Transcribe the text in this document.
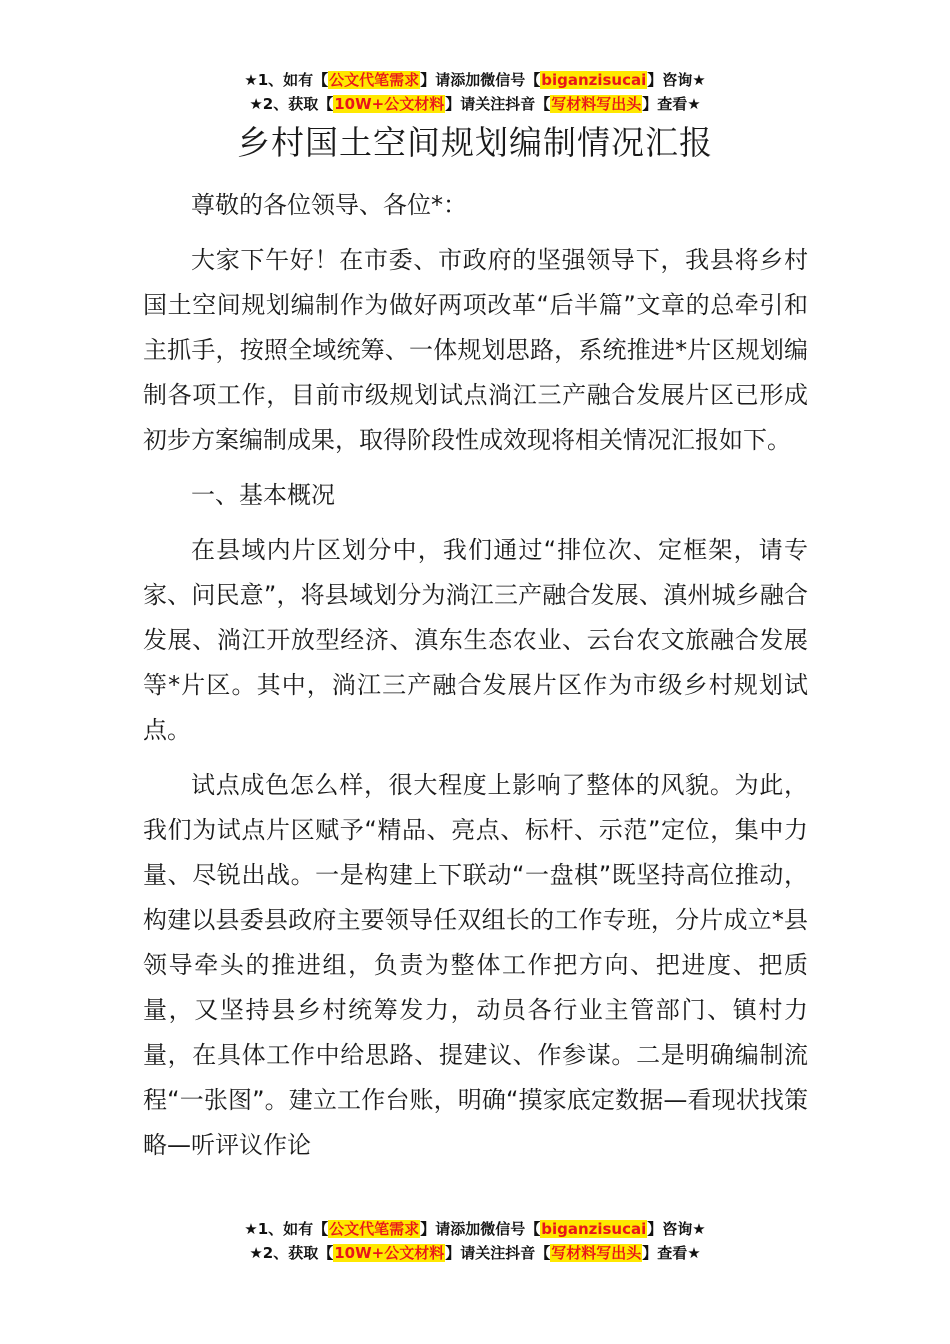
★1、如有【公文代笔需求】请添加微信号【biganzisucai】咨询★
★2、获取【10W+公文材料】请关注抖音【写材料写出头】查看★
乡村国土空间规划编制情况汇报

尊敬的各位领导、各位*：

大家下午好！在市委、市政府的坚强领导下，我县将乡村国土空间规划编制作为做好两项改革“后半篇”文章的总牵引和主抓手，按照全域统筹、一体规划思路，系统推进*片区规划编制各项工作，目前市级规划试点淌江三产融合发展片区已形成初步方案编制成果，取得阶段性成效现将相关情况汇报如下。

一、基本概况

在县域内片区划分中，我们通过“排位次、定框架，请专家、问民意”，将县域划分为淌江三产融合发展、滇州城乡融合发展、淌江开放型经济、滇东生态农业、云台农文旅融合发展等*片区。其中，淌江三产融合发展片区作为市级乡村规划试点。

试点成色怎么样，很大程度上影响了整体的风貌。为此，我们为试点片区赋予“精品、亮点、标杆、示范”定位，集中力量、尽锐出战。一是构建上下联动“一盘棋”既坚持高位推动，构建以县委县政府主要领导任双组长的工作专班，分片成立*县领导牵头的推进组，负责为整体工作把方向、把进度、把质量，又坚持县乡村统筹发力，动员各行业主管部门、镇村力量，在具体工作中给思路、提建议、作参谋。二是明确编制流程“一张图”。建立工作台账，明确“摸家底定数据—看现状找策略—听评议作论

★1、如有【公文代笔需求】请添加微信号【biganzisucai】咨询★
★2、获取【10W+公文材料】请关注抖音【写材料写出头】查看★
